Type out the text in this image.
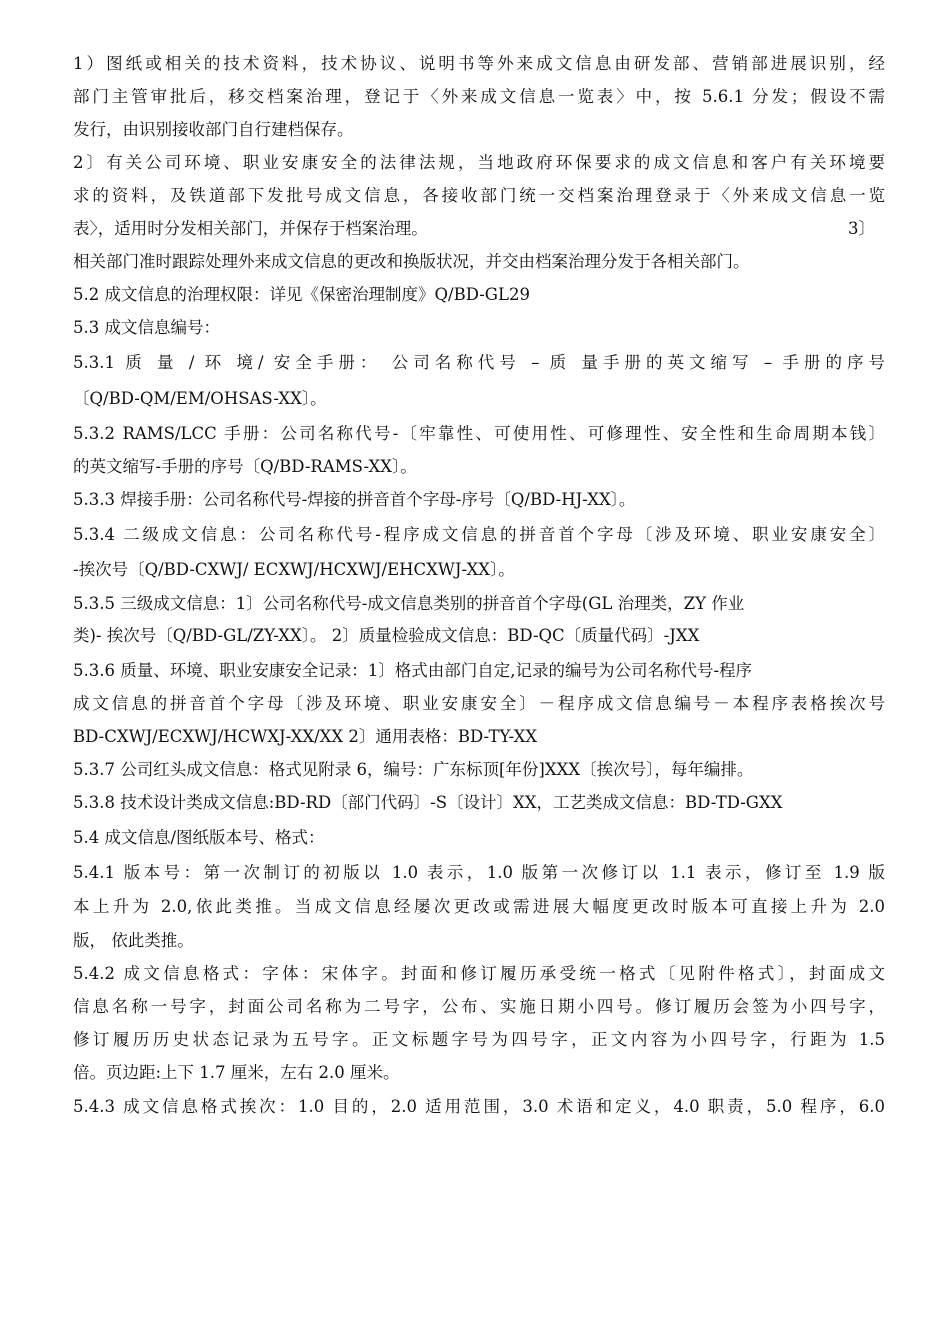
1）图纸或相关的技术资料，技术协议、说明书等外来成文信息由研发部、营销部进展识别，经
部门主管审批后，移交档案治理，登记于〈外来成文信息一览表〉中，按 5.6.1 分发；假设不需
发行，由识别接收部门自行建档保存。
2〕有关公司环境、职业安康安全的法律法规，当地政府环保要求的成文信息和客户有关环境要
求的资料，及铁道部下发批号成文信息，各接收部门统一交档案治理登录于〈外来成文信息一览
表〉，适用时分发相关部门，并保存于档案治理。	3〕
相关部门准时跟踪处理外来成文信息的更改和换版状况，并交由档案治理分发于各相关部门。
5.2 成文信息的治理权限：详见《保密治理制度》Q/BD-GL29
5.3 成文信息编号：
5.3.1 质 量 / 环 境/ 安全手册： 公司名称代号 – 质 量手册的英文缩写 – 手册的序号
〔Q/BD-QM/EM/OHSAS-XX〕。
5.3.2 RAMS/LCC 手册：公司名称代号-〔牢靠性、可使用性、可修理性、安全性和生命周期本钱〕
的英文缩写-手册的序号〔Q/BD-RAMS-XX〕。
5.3.3 焊接手册：公司名称代号-焊接的拼音首个字母-序号〔Q/BD-HJ-XX〕。
5.3.4 二级成文信息：公司名称代号-程序成文信息的拼音首个字母〔涉及环境、职业安康安全〕
-挨次号〔Q/BD-CXWJ/ ECXWJ/HCXWJ/EHCXWJ-XX〕。
5.3.5 三级成文信息：1〕公司名称代号-成文信息类别的拼音首个字母(GL 治理类，ZY 作业
类)- 挨次号〔Q/BD-GL/ZY-XX〕。 2〕质量检验成文信息：BD-QC〔质量代码〕-JXX
5.3.6 质量、环境、职业安康安全记录：1〕格式由部门自定,记录的编号为公司名称代号-程序
成文信息的拼音首个字母〔涉及环境、职业安康安全〕－程序成文信息编号－本程序表格挨次号
BD-CXWJ/ECXWJ/HCWXJ-XX/XX 2〕通用表格：BD-TY-XX
5.3.7 公司红头成文信息：格式见附录 6，编号：广东标顶[年份]XXX〔挨次号〕，每年编排。
5.3.8 技术设计类成文信息:BD-RD〔部门代码〕-S〔设计〕XX，工艺类成文信息：BD-TD-GXX
5.4 成文信息/图纸版本号、格式：
5.4.1 版本号：第一次制订的初版以 1.0 表示，1.0 版第一次修订以 1.1 表示，修订至 1.9 版
本上升为 2.0,依此类推。当成文信息经屡次更改或需进展大幅度更改时版本可直接上升为 2.0
版， 依此类推。
5.4.2 成文信息格式：字体：宋体字。封面和修订履历承受统一格式〔见附件格式〕，封面成文
信息名称一号字，封面公司名称为二号字，公布、实施日期小四号。修订履历会签为小四号字，
修订履历历史状态记录为五号字。正文标题字号为四号字，正文内容为小四号字，行距为 1.5
倍。页边距:上下 1.7 厘米，左右 2.0 厘米。
5.4.3 成文信息格式挨次：1.0 目的，2.0 适用范围，3.0 术语和定义，4.0 职责，5.0 程序，6.0
